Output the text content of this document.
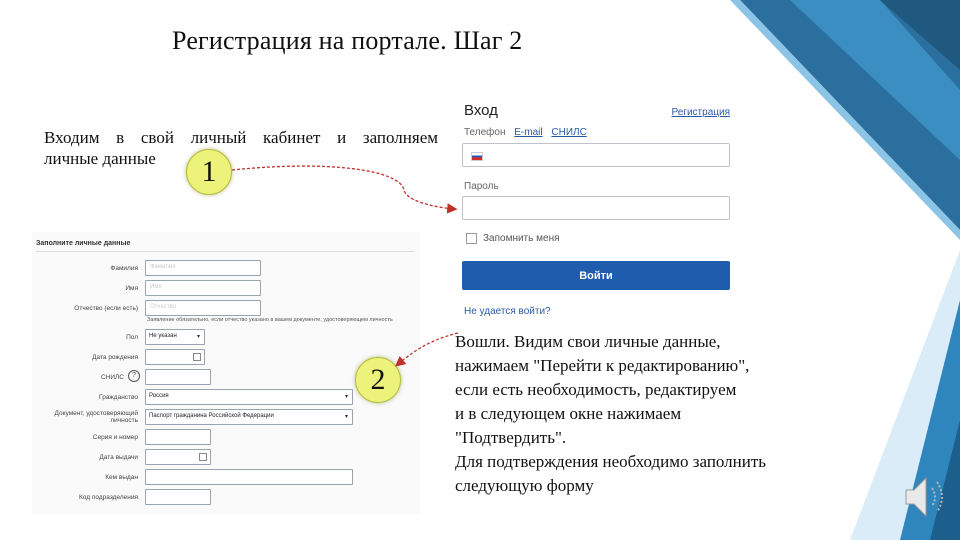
Регистрация на портале. Шаг 2
Входим в свой личный кабинет и заполняем
личные данные	1
Вход	Регистрация
Телефон E-mail СНИЛС
Пароль
Запомнить меня
Войти
Не удается войти?
Заполните личные данные
Фамилия Фамилия
Имя Имя
Отчество (если есть) Отчество
Заявление обязательно, если отчество указано в вашем документе, удостоверяющем личность
Пол Не указан	▾
Дата рождения
СНИЛС	?
Гражданство Россия	▾
Документ, удостоверяющий личность
Паспорт гражданина Российской Федерации	▾
Серия и номер
Дата выдачи
Кем выдан
Код подразделения
2

Вошли. Видим свои личные данные,

нажимаем "Перейти к редактированию",

если есть необходимость, редактируем

и в следующем окне нажимаем

"Подтвердить".

Для подтверждения необходимо заполнить

следующую форму
